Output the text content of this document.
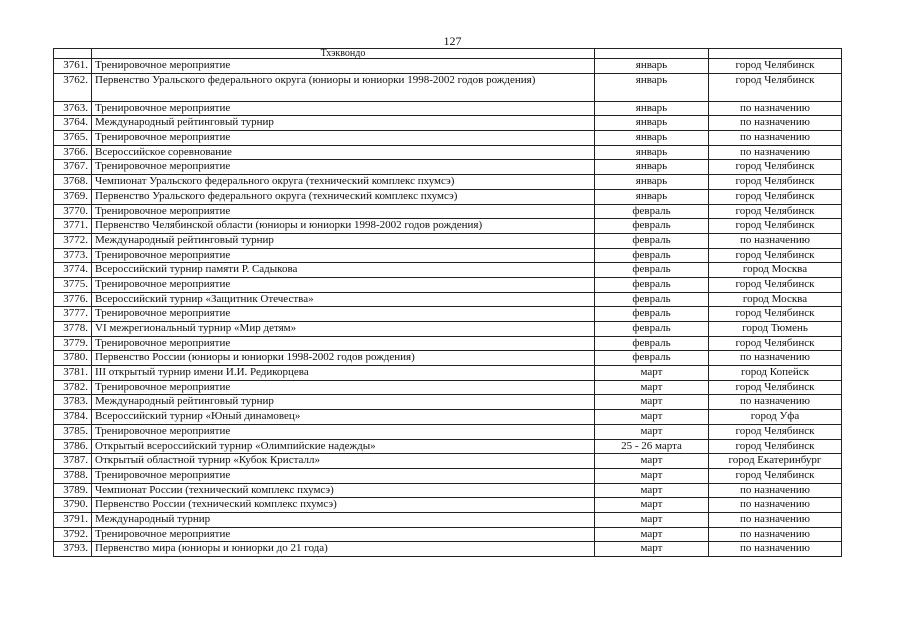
127
	Тхэквондо		
3761.	Тренировочное мероприятие	январь	город Челябинск
3762.	Первенство Уральского федерального округа (юниоры и юниорки 1998-2002 годов рождения)	январь	город Челябинск
3763.	Тренировочное мероприятие	январь	по назначению
3764.	Международный рейтинговый турнир	январь	по назначению
3765.	Тренировочное мероприятие	январь	по назначению
3766.	Всероссийское соревнование	январь	по назначению
3767.	Тренировочное мероприятие	январь	город Челябинск
3768.	Чемпионат Уральского федерального округа (технический комплекс пхумсэ)	январь	город Челябинск
3769.	Первенство Уральского федерального округа (технический комплекс пхумсэ)	январь	город Челябинск
3770.	Тренировочное мероприятие	февраль	город Челябинск
3771.	Первенство Челябинской области (юниоры и юниорки 1998-2002 годов рождения)	февраль	город Челябинск
3772.	Международный рейтинговый турнир	февраль	по назначению
3773.	Тренировочное мероприятие	февраль	город Челябинск
3774.	Всероссийский турнир памяти Р. Садыкова	февраль	город Москва
3775.	Тренировочное мероприятие	февраль	город Челябинск
3776.	Всероссийский турнир «Защитник Отечества»	февраль	город Москва
3777.	Тренировочное мероприятие	февраль	город Челябинск
3778.	VI межрегиональный турнир «Мир детям»	февраль	город Тюмень
3779.	Тренировочное мероприятие	февраль	город Челябинск
3780.	Первенство России (юниоры и юниорки 1998-2002 годов рождения)	февраль	по назначению
3781.	III открытый турнир имени И.И. Редикорцева	март	город Копейск
3782.	Тренировочное мероприятие	март	город Челябинск
3783.	Международный рейтинговый турнир	март	по назначению
3784.	Всероссийский турнир «Юный динамовец»	март	город Уфа
3785.	Тренировочное мероприятие	март	город Челябинск
3786.	Открытый всероссийский турнир «Олимпийские надежды»	25 - 26 марта	город Челябинск
3787.	Открытый областной турнир «Кубок Кристалл»	март	город Екатеринбург
3788.	Тренировочное мероприятие	март	город Челябинск
3789.	Чемпионат России (технический комплекс пхумсэ)	март	по назначению
3790.	Первенство России (технический комплекс пхумсэ)	март	по назначению
3791.	Международный турнир	март	по назначению
3792.	Тренировочное мероприятие	март	по назначению
3793.	Первенство мира (юниоры и юниорки до 21 года)	март	по назначению
